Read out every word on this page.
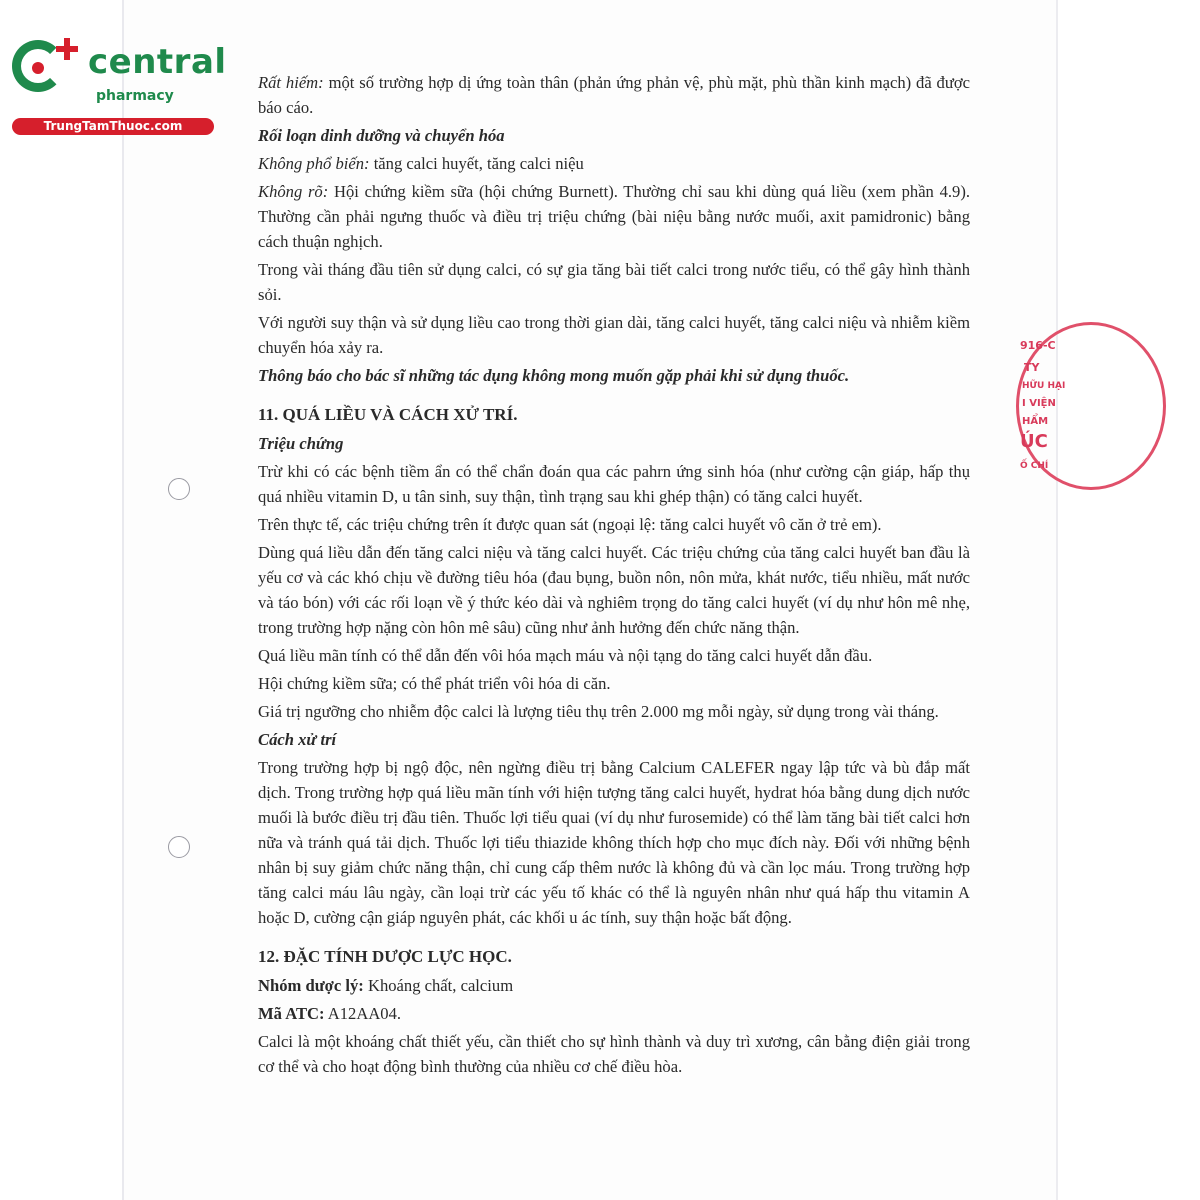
central
pharmacy
TrungTamThuoc.com
916-C
TY
HỮU HẠI
I VIỆN
HẨM
ÚC
Ố CHÍ

Rất hiếm: một số trường hợp dị ứng toàn thân (phản ứng phản vệ, phù mặt, phù thần kinh mạch) đã được báo cáo.

Rối loạn dinh dưỡng và chuyển hóa

Không phổ biến: tăng calci huyết, tăng calci niệu

Không rõ: Hội chứng kiềm sữa (hội chứng Burnett). Thường chỉ sau khi dùng quá liều (xem phần 4.9). Thường cần phải ngưng thuốc và điều trị triệu chứng (bài niệu bằng nước muối, axit pamidronic) bằng cách thuận nghịch.

Trong vài tháng đầu tiên sử dụng calci, có sự gia tăng bài tiết calci trong nước tiểu, có thể gây hình thành sỏi.

Với người suy thận và sử dụng liều cao trong thời gian dài, tăng calci huyết, tăng calci niệu và nhiễm kiềm chuyển hóa xảy ra.

Thông báo cho bác sĩ những tác dụng không mong muốn gặp phải khi sử dụng thuốc.

11. QUÁ LIỀU VÀ CÁCH XỬ TRÍ.

Triệu chứng

Trừ khi có các bệnh tiềm ẩn có thể chẩn đoán qua các pahrn ứng sinh hóa (như cường cận giáp, hấp thụ quá nhiều vitamin D, u tân sinh, suy thận, tình trạng sau khi ghép thận) có tăng calci huyết.

Trên thực tế, các triệu chứng trên ít được quan sát (ngoại lệ: tăng calci huyết vô căn ở trẻ em).

Dùng quá liều dẫn đến tăng calci niệu và tăng calci huyết. Các triệu chứng của tăng calci huyết ban đầu là yếu cơ và các khó chịu về đường tiêu hóa (đau bụng, buồn nôn, nôn mửa, khát nước, tiểu nhiều, mất nước và táo bón) với các rối loạn về ý thức kéo dài và nghiêm trọng do tăng calci huyết (ví dụ như hôn mê nhẹ, trong trường hợp nặng còn hôn mê sâu) cũng như ảnh hưởng đến chức năng thận.

Quá liều mãn tính có thể dẫn đến vôi hóa mạch máu và nội tạng do tăng calci huyết dẫn đầu.

Hội chứng kiềm sữa; có thể phát triển vôi hóa di căn.

Giá trị ngưỡng cho nhiễm độc calci là lượng tiêu thụ trên 2.000 mg mỗi ngày, sử dụng trong vài tháng.

Cách xử trí

Trong trường hợp bị ngộ độc, nên ngừng điều trị bằng Calcium CALEFER ngay lập tức và bù đắp mất dịch. Trong trường hợp quá liều mãn tính với hiện tượng tăng calci huyết, hydrat hóa bằng dung dịch nước muối là bước điều trị đầu tiên. Thuốc lợi tiểu quai (ví dụ như furosemide) có thể làm tăng bài tiết calci hơn nữa và tránh quá tải dịch. Thuốc lợi tiểu thiazide không thích hợp cho mục đích này. Đối với những bệnh nhân bị suy giảm chức năng thận, chỉ cung cấp thêm nước là không đủ và cần lọc máu. Trong trường hợp tăng calci máu lâu ngày, cần loại trừ các yếu tố khác có thể là nguyên nhân như quá hấp thu vitamin A hoặc D, cường cận giáp nguyên phát, các khối u ác tính, suy thận hoặc bất động.

12. ĐẶC TÍNH DƯỢC LỰC HỌC.

Nhóm dược lý: Khoáng chất, calcium

Mã ATC: A12AA04.

Calci là một khoáng chất thiết yếu, cần thiết cho sự hình thành và duy trì xương, cân bằng điện giải trong cơ thể và cho hoạt động bình thường của nhiều cơ chế điều hòa.
